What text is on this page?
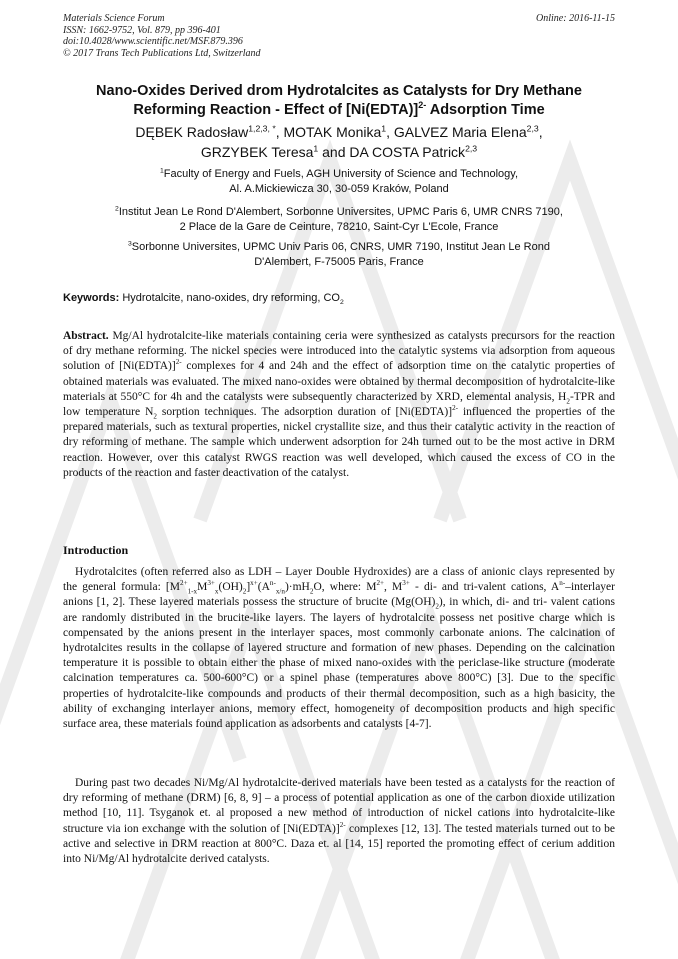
Materials Science Forum
ISSN: 1662-9752, Vol. 879, pp 396-401
doi:10.4028/www.scientific.net/MSF.879.396
© 2017 Trans Tech Publications Ltd, Switzerland
Online: 2016-11-15
Nano-Oxides Derived drom Hydrotalcites as Catalysts for Dry Methane
Reforming Reaction - Effect of [Ni(EDTA)]$^{2-}$ Adsorption Time
DĘBEK Radosław$^{1,2,3, *}$, MOTAK Monika$^1$, GALVEZ Maria Elena$^{2,3}$,
GRZYBEK Teresa$^1$ and DA COSTA Patrick$^{2,3}$
$^1$Faculty of Energy and Fuels, AGH University of Science and Technology,
Al. A.Mickiewicza 30, 30-059 Kraków, Poland
$^2$Institut Jean Le Rond D'Alembert, Sorbonne Universites, UPMC Paris 6, UMR CNRS 7190,
2 Place de la Gare de Ceinture, 78210, Saint-Cyr L'Ecole, France
$^3$Sorbonne Universites, UPMC Univ Paris 06, CNRS, UMR 7190, Institut Jean Le Rond
D'Alembert, F-75005 Paris, France
Keywords: Hydrotalcite, nano-oxides, dry reforming, $CO_2$
Abstract. Mg/Al hydrotalcite-like materials containing ceria were synthesized as catalysts precursors for the reaction of dry methane reforming. The nickel species were introduced into the catalytic systems via adsorption from aqueous solution of [Ni(EDTA)]$^{2-}$ complexes for 4 and 24h and the effect of adsorption time on the catalytic properties of obtained materials was evaluated. The mixed nano-oxides were obtained by thermal decomposition of hydrotalcite-like materials at 550°C for 4h and the catalysts were subsequently characterized by XRD, elemental analysis, $H_2$-TPR and low temperature $N_2$ sorption techniques. The adsorption duration of [Ni(EDTA)]$^{2-}$ influenced the properties of the prepared materials, such as textural properties, nickel crystallite size, and thus their catalytic activity in the reaction of dry reforming of methane. The sample which underwent adsorption for 24h turned out to be the most active in DRM reaction. However, over this catalyst RWGS reaction was well developed, which caused the excess of CO in the products of the reaction and faster deactivation of the catalyst.
Introduction
Hydrotalcites (often referred also as LDH – Layer Double Hydroxides) are a class of anionic clays represented by the general formula: $[M^{2+}_{1-x}M^{3+}_x(OH)_2]^{x+}(A^{n-}_{x/n})\cdot mH_2O$, where: $M^{2+}$, $M^{3+} - di-$ and tri-valent cations, $A^{n-}$–interlayer anions [1, 2]. These layered materials possess the structure of brucite $(Mg(OH)_2)$, in which, di- and tri- valent cations are randomly distributed in the brucite-like layers. The layers of hydrotalcite possess net positive charge which is compensated by the anions present in the interlayer spaces, most commonly carbonate anions. The calcination of hydrotalcites results in the collapse of layered structure and formation of new phases. Depending on the calcination temperature it is possible to obtain either the phase of mixed nano-oxides with the periclase-like structure (moderate calcination temperatures ca. 500-600°C) or a spinel phase (temperatures above 800°C) [3]. Due to the specific properties of hydrotalcite-like compounds and products of their thermal decomposition, such as a high basicity, the ability of exchanging interlayer anions, memory effect, homogeneity of decomposition products and high specific surface area, these materials found application as adsorbents and catalysts [4-7].
During past two decades Ni/Mg/Al hydrotalcite-derived materials have been tested as a catalysts for the reaction of dry reforming of methane (DRM) [6, 8, 9] – a process of potential application as one of the carbon dioxide utilization method [10, 11]. Tsyganok et. al proposed a new method of introduction of nickel cations into hydrotalcite-like structure via ion exchange with the solution of [Ni(EDTA)]$^{2-}$ complexes [12, 13]. The tested materials turned out to be active and selective in DRM reaction at 800°C. Daza et. al [14, 15] reported the promoting effect of cerium addition into Ni/Mg/Al hydrotalcite derived catalysts.
